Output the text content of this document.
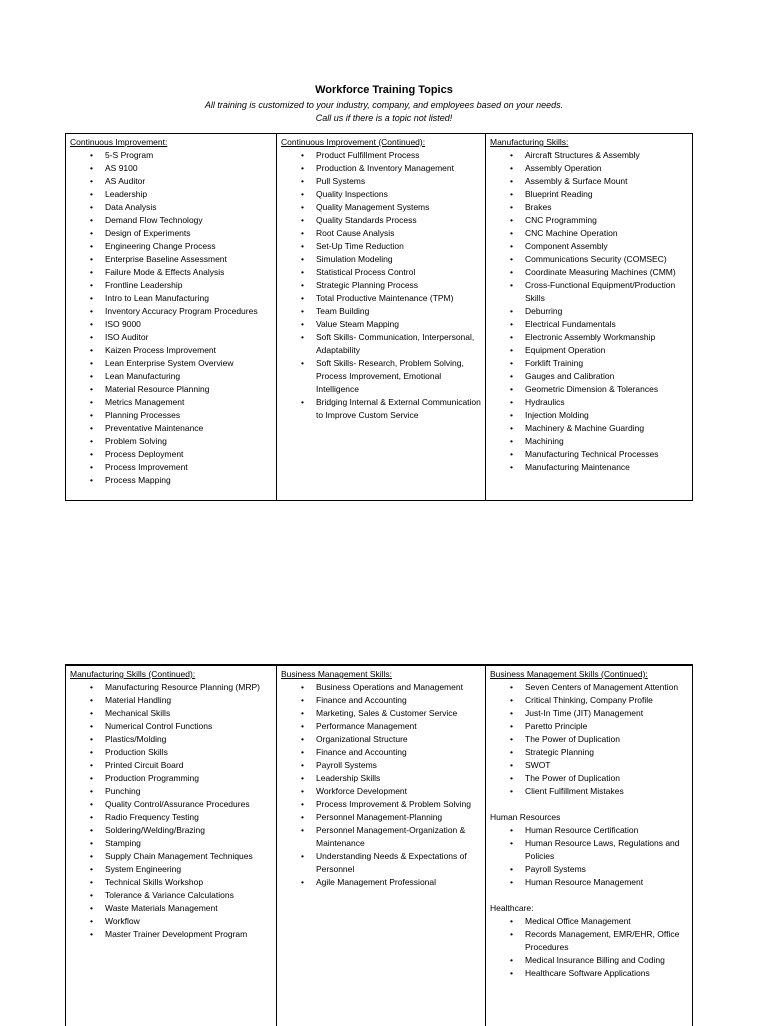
Workforce Training Topics
All training is customized to your industry, company, and employees based on your needs.
Call us if there is a topic not listed!
Continuous Improvement:
• 5-S Program
• AS 9100
• AS Auditor
• Leadership
• Data Analysis
• Demand Flow Technology
• Design of Experiments
• Engineering Change Process
• Enterprise Baseline Assessment
• Failure Mode & Effects Analysis
• Frontline Leadership
• Intro to Lean Manufacturing
• Inventory Accuracy Program Procedures
• ISO 9000
• ISO Auditor
• Kaizen Process Improvement
• Lean Enterprise System Overview
• Lean Manufacturing
• Material Resource Planning
• Metrics Management
• Planning Processes
• Preventative Maintenance
• Problem Solving
• Process Deployment
• Process Improvement
• Process Mapping
Continuous Improvement (Continued):
• Product Fulfillment Process
• Production & Inventory Management
• Pull Systems
• Quality Inspections
• Quality Management Systems
• Quality Standards Process
• Root Cause Analysis
• Set-Up Time Reduction
• Simulation Modeling
• Statistical Process Control
• Strategic Planning Process
• Total Productive Maintenance (TPM)
• Team Building
• Value Steam Mapping
• Soft Skills- Communication, Interpersonal, Adaptability
• Soft Skills- Research, Problem Solving, Process Improvement, Emotional Intelligence
• Bridging Internal & External Communication to Improve Custom Service
Manufacturing Skills:
• Aircraft Structures & Assembly
• Assembly Operation
• Assembly & Surface Mount
• Blueprint Reading
• Brakes
• CNC Programming
• CNC Machine Operation
• Component Assembly
• Communications Security (COMSEC)
• Coordinate Measuring Machines (CMM)
• Cross-Functional Equipment/Production Skills
• Deburring
• Electrical Fundamentals
• Electronic Assembly Workmanship
• Equipment Operation
• Forklift Training
• Gauges and Calibration
• Geometric Dimension & Tolerances
• Hydraulics
• Injection Molding
• Machinery & Machine Guarding
• Machining
• Manufacturing Technical Processes
• Manufacturing Maintenance
Manufacturing Skills (Continued):
• Manufacturing Resource Planning (MRP)
• Material Handling
• Mechanical Skills
• Numerical Control Functions
• Plastics/Molding
• Production Skills
• Printed Circuit Board
• Production Programming
• Punching
• Quality Control/Assurance Procedures
• Radio Frequency Testing
• Soldering/Welding/Brazing
• Stamping
• Supply Chain Management Techniques
• System Engineering
• Technical Skills Workshop
• Tolerance & Variance Calculations
• Waste Materials Management
• Workflow
• Master Trainer Development Program
Business Management Skills:
• Business Operations and Management
• Finance and Accounting
• Marketing, Sales & Customer Service
• Performance Management
• Organizational Structure
• Finance and Accounting
• Payroll Systems
• Leadership Skills
• Workforce Development
• Process Improvement & Problem Solving
• Personnel Management-Planning
• Personnel Management-Organization & Maintenance
• Understanding Needs & Expectations of Personnel
• Agile Management Professional
Business Management Skills (Continued):
• Seven Centers of Management Attention
• Critical Thinking, Company Profile
• Just-In Time (JIT) Management
• Paretto Principle
• The Power of Duplication
• Strategic Planning
• SWOT
• The Power of Duplication
• Client Fulfillment Mistakes
Human Resources
• Human Resource Certification
• Human Resource Laws, Regulations and Policies
• Payroll Systems
• Human Resource Management
Healthcare:
• Medical Office Management
• Records Management, EMR/EHR, Office Procedures
• Medical Insurance Billing and Coding
• Healthcare Software Applications
